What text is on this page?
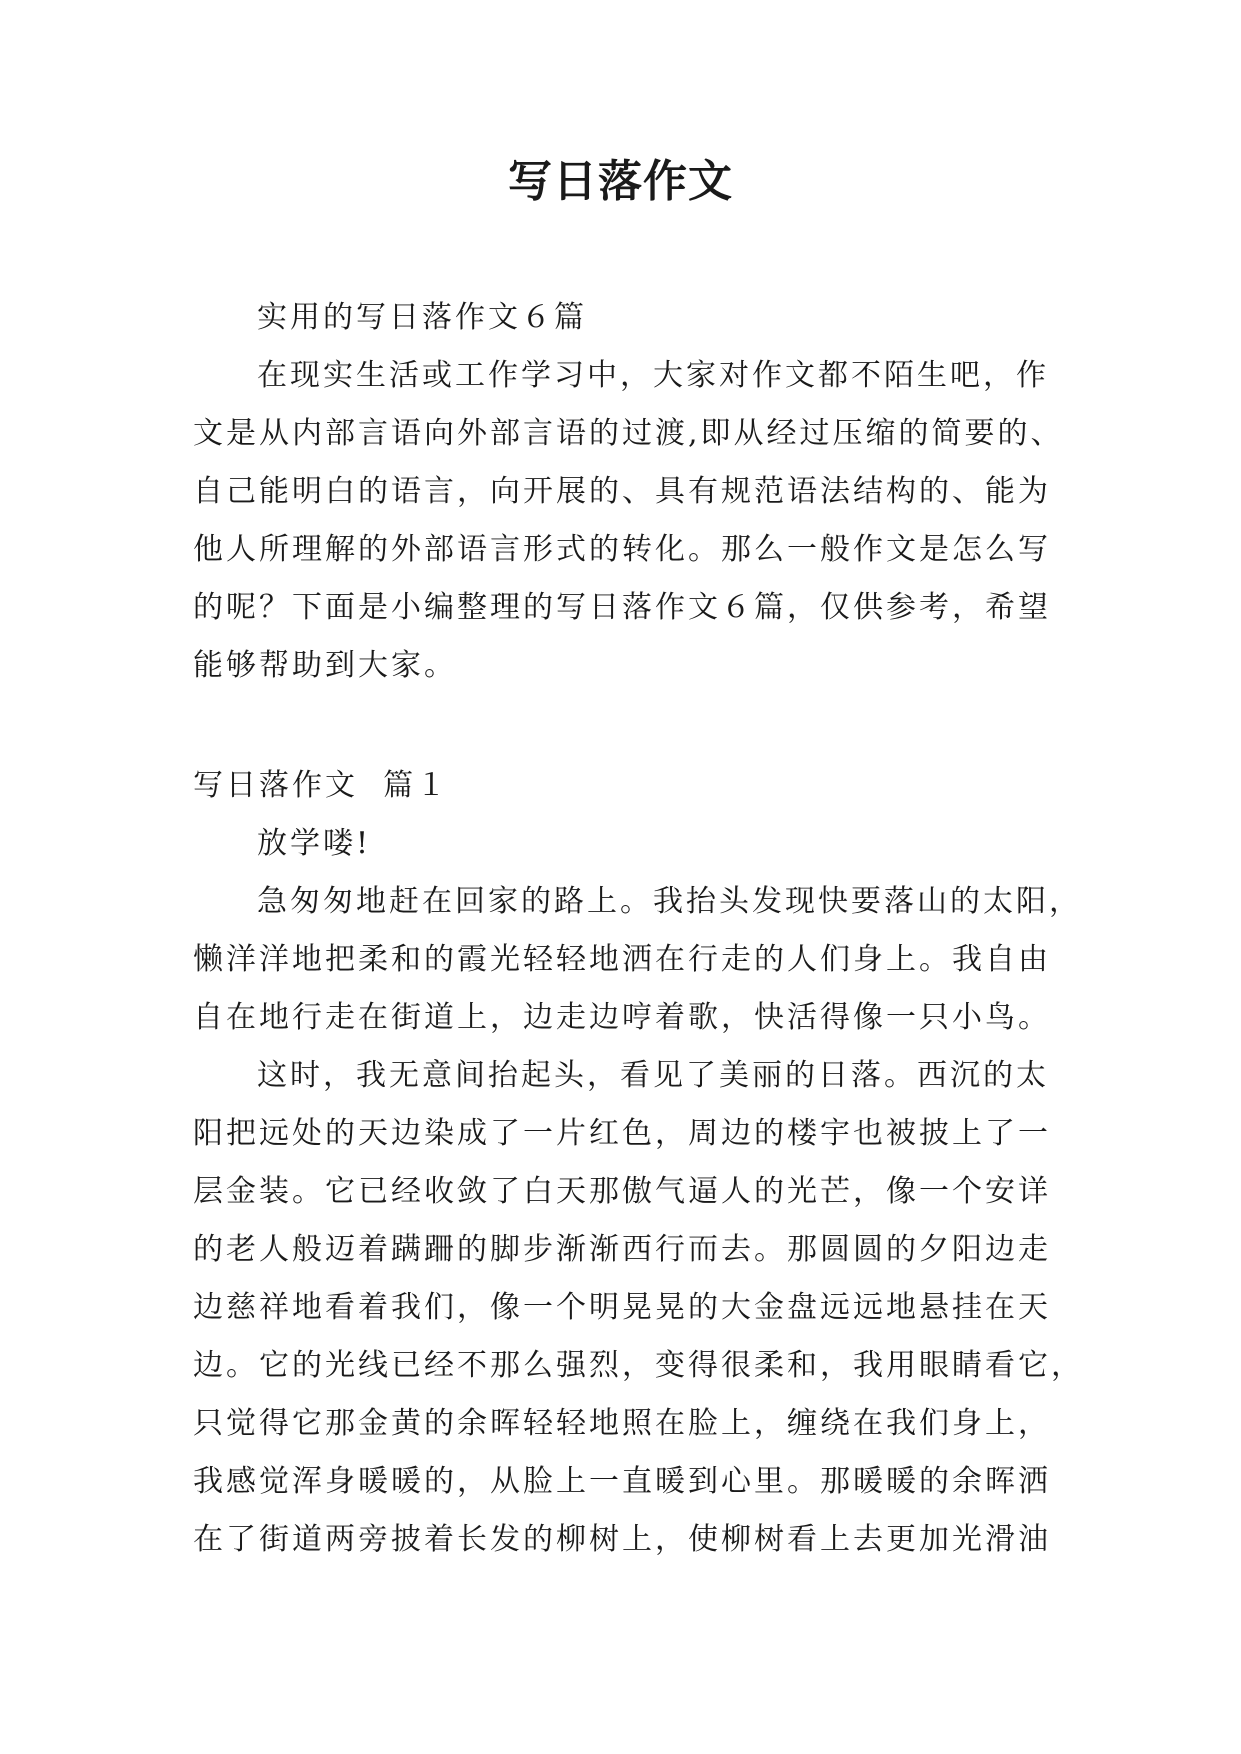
写日落作文
实用的写日落作文６篇
在现实生活或工作学习中，大家对作文都不陌生吧，作
文是从内部言语向外部言语的过渡,即从经过压缩的简要的、
自己能明白的语言，向开展的、具有规范语法结构的、能为
他人所理解的外部语言形式的转化。那么一般作文是怎么写
的呢？下面是小编整理的写日落作文６篇，仅供参考，希望
能够帮助到大家。
写日落作文  篇１
放学喽!
急匆匆地赶在回家的路上。我抬头发现快要落山的太阳，
懒洋洋地把柔和的霞光轻轻地洒在行走的人们身上。我自由
自在地行走在街道上，边走边哼着歌，快活得像一只小鸟。
这时，我无意间抬起头，看见了美丽的日落。西沉的太
阳把远处的天边染成了一片红色，周边的楼宇也被披上了一
层金装。它已经收敛了白天那傲气逼人的光芒，像一个安详
的老人般迈着蹒跚的脚步渐渐西行而去。那圆圆的夕阳边走
边慈祥地看着我们，像一个明晃晃的大金盘远远地悬挂在天
边。它的光线已经不那么强烈，变得很柔和，我用眼睛看它，
只觉得它那金黄的余晖轻轻地照在脸上，缠绕在我们身上，
我感觉浑身暖暖的，从脸上一直暖到心里。那暖暖的余晖洒
在了街道两旁披着长发的柳树上，使柳树看上去更加光滑油
